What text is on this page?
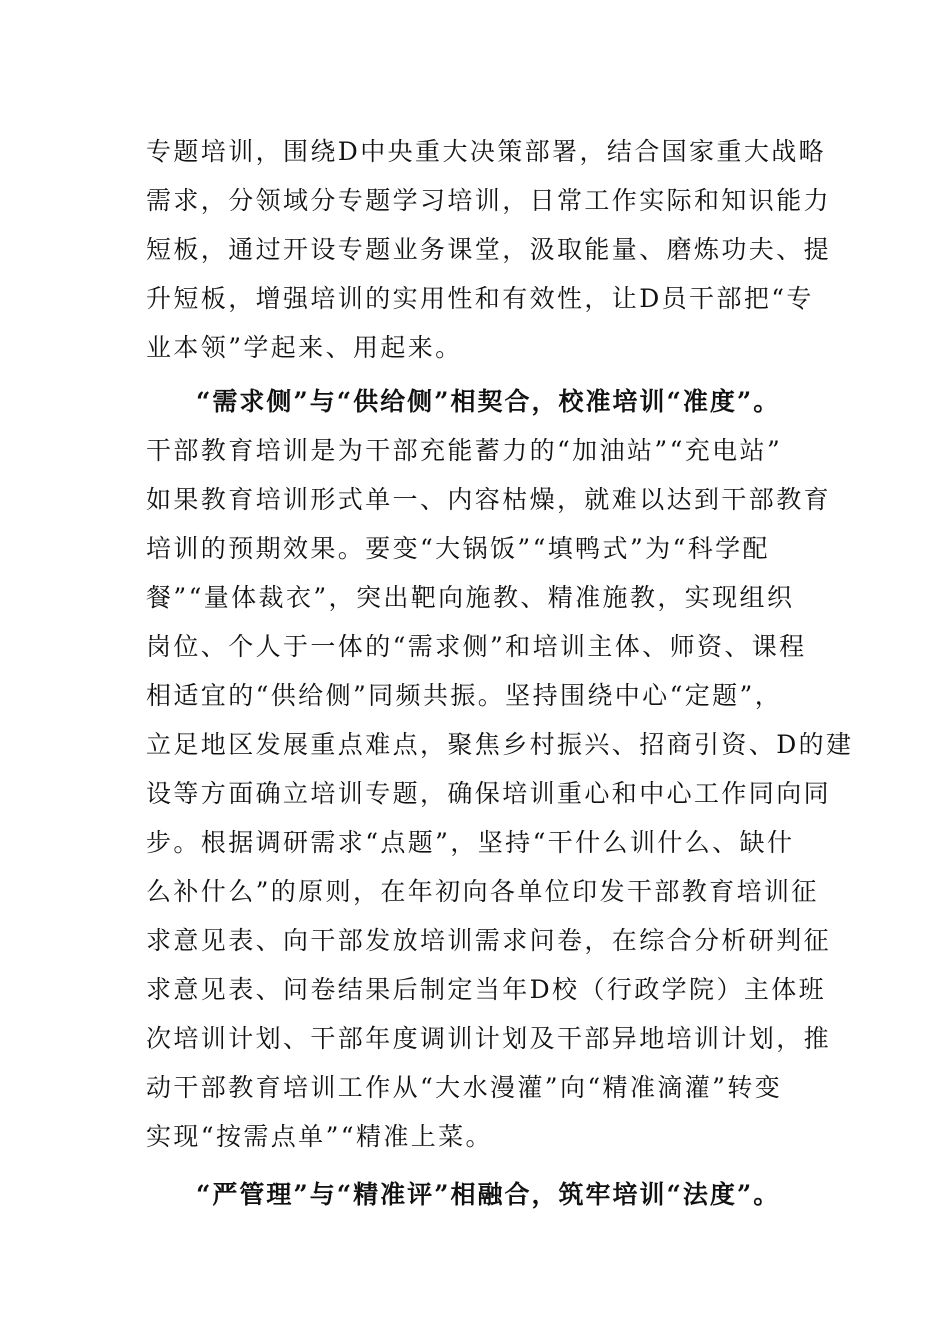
专题培训，围绕D中央重大决策部署，结合国家重大战略
需求，分领域分专题学习培训，日常工作实际和知识能力
短板，通过开设专题业务课堂，汲取能量、磨炼功夫、提
升短板，增强培训的实用性和有效性，让D员干部把“专
业本领”学起来、用起来。
“需求侧”与“供给侧”相契合，校准培训“准度”。
干部教育培训是为干部充能蓄力的“加油站”“充电站”
如果教育培训形式单一、内容枯燥，就难以达到干部教育
培训的预期效果。要变“大锅饭”“填鸭式”为“科学配
餐”“量体裁衣”，突出靶向施教、精准施教，实现组织
岗位、个人于一体的“需求侧”和培训主体、师资、课程
相适宜的“供给侧”同频共振。坚持围绕中心“定题”，
立足地区发展重点难点，聚焦乡村振兴、招商引资、D的建
设等方面确立培训专题，确保培训重心和中心工作同向同
步。根据调研需求“点题”，坚持“干什么训什么、缺什
么补什么”的原则，在年初向各单位印发干部教育培训征
求意见表、向干部发放培训需求问卷，在综合分析研判征
求意见表、问卷结果后制定当年D校（行政学院）主体班
次培训计划、干部年度调训计划及干部异地培训计划，推
动干部教育培训工作从“大水漫灌”向“精准滴灌”转变
实现“按需点单”“精准上菜。
“严管理”与“精准评”相融合，筑牢培训“法度”。
